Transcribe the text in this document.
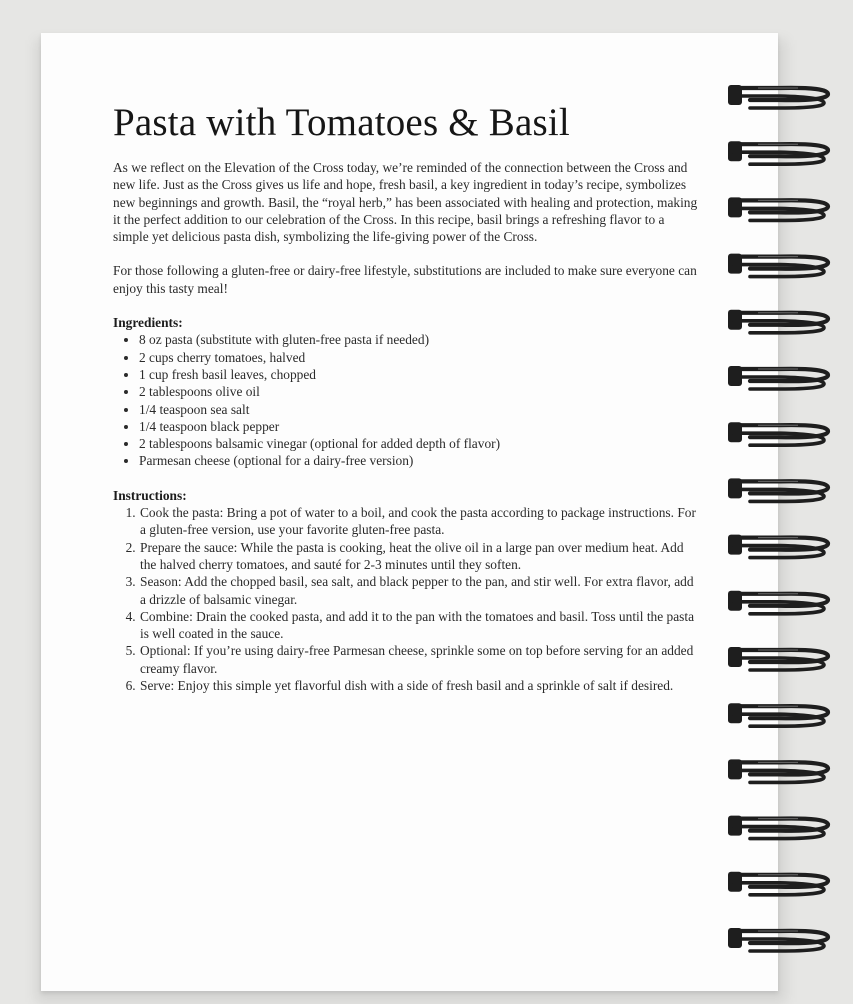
Pasta with Tomatoes & Basil

As we reflect on the Elevation of the Cross today, we’re reminded of the connection between the Cross and new life. Just as the Cross gives us life and hope, fresh basil, a key ingredient in today’s recipe, symbolizes new beginnings and growth. Basil, the “royal herb,” has been associated with healing and protection, making it the perfect addition to our celebration of the Cross. In this recipe, basil brings a refreshing flavor to a simple yet delicious pasta dish, symbolizing the life-giving power of the Cross.

For those following a gluten-free or dairy-free lifestyle, substitutions are included to make sure everyone can enjoy this tasty meal!

Ingredients:

• 8 oz pasta (substitute with gluten-free pasta if needed)
• 2 cups cherry tomatoes, halved
• 1 cup fresh basil leaves, chopped
• 2 tablespoons olive oil
• 1/4 teaspoon sea salt
• 1/4 teaspoon black pepper
• 2 tablespoons balsamic vinegar (optional for added depth of flavor)
• Parmesan cheese (optional for a dairy-free version)

Instructions:

1. Cook the pasta: Bring a pot of water to a boil, and cook the pasta according to package instructions. For a gluten-free version, use your favorite gluten-free pasta.
2. Prepare the sauce: While the pasta is cooking, heat the olive oil in a large pan over medium heat. Add the halved cherry tomatoes, and sauté for 2-3 minutes until they soften.
3. Season: Add the chopped basil, sea salt, and black pepper to the pan, and stir well. For extra flavor, add a drizzle of balsamic vinegar.
4. Combine: Drain the cooked pasta, and add it to the pan with the tomatoes and basil. Toss until the pasta is well coated in the sauce.
5. Optional: If you’re using dairy-free Parmesan cheese, sprinkle some on top before serving for an added creamy flavor.
6. Serve: Enjoy this simple yet flavorful dish with a side of fresh basil and a sprinkle of salt if desired.
